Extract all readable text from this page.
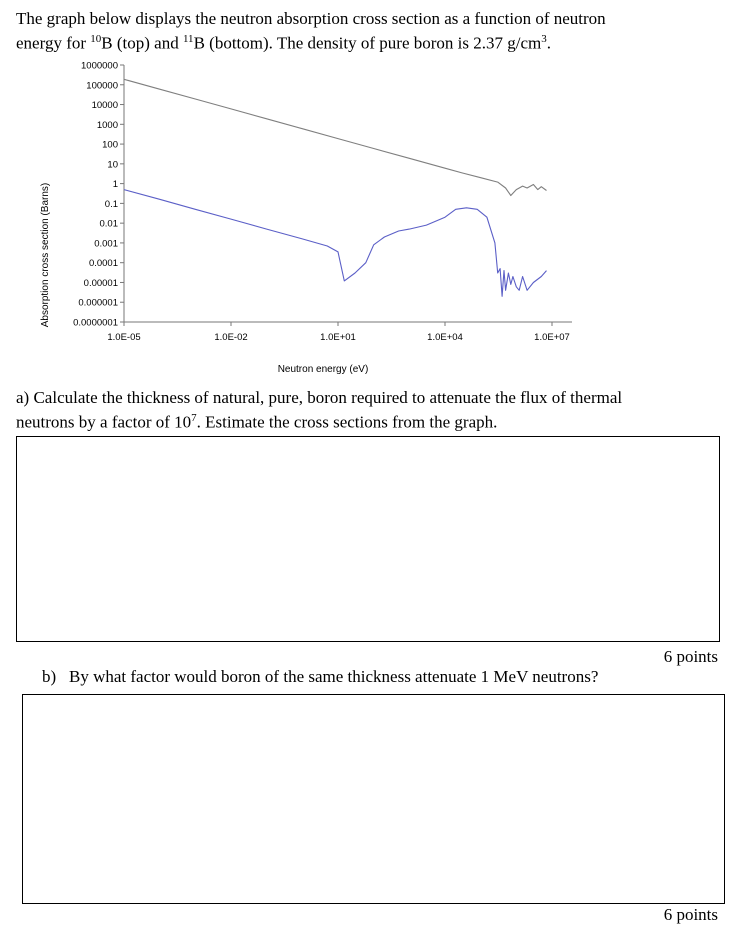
The graph below displays the neutron absorption cross section as a function of neutron
energy for $^{10}$B (top) and $^{11}$B (bottom). The density of pure boron is 2.37 $g/cm^3$.
0.0000001
0.000001
0.00001
0.0001
0.001
0.01
0.1
1
10
100
1000
10000
100000
1000000
1.0E-05	1.0E-02	1.0E+01	1.0E+04	1.0E+07
Absorption cross section (Barns)
Neutron energy (eV)
a) Calculate the thickness of natural, pure, boron required to attenuate the flux of thermal
neutrons by a factor of $10^7$. Estimate the cross sections from the graph.
6 points
b) By what factor would boron of the same thickness attenuate 1 MeV neutrons?
6 points
